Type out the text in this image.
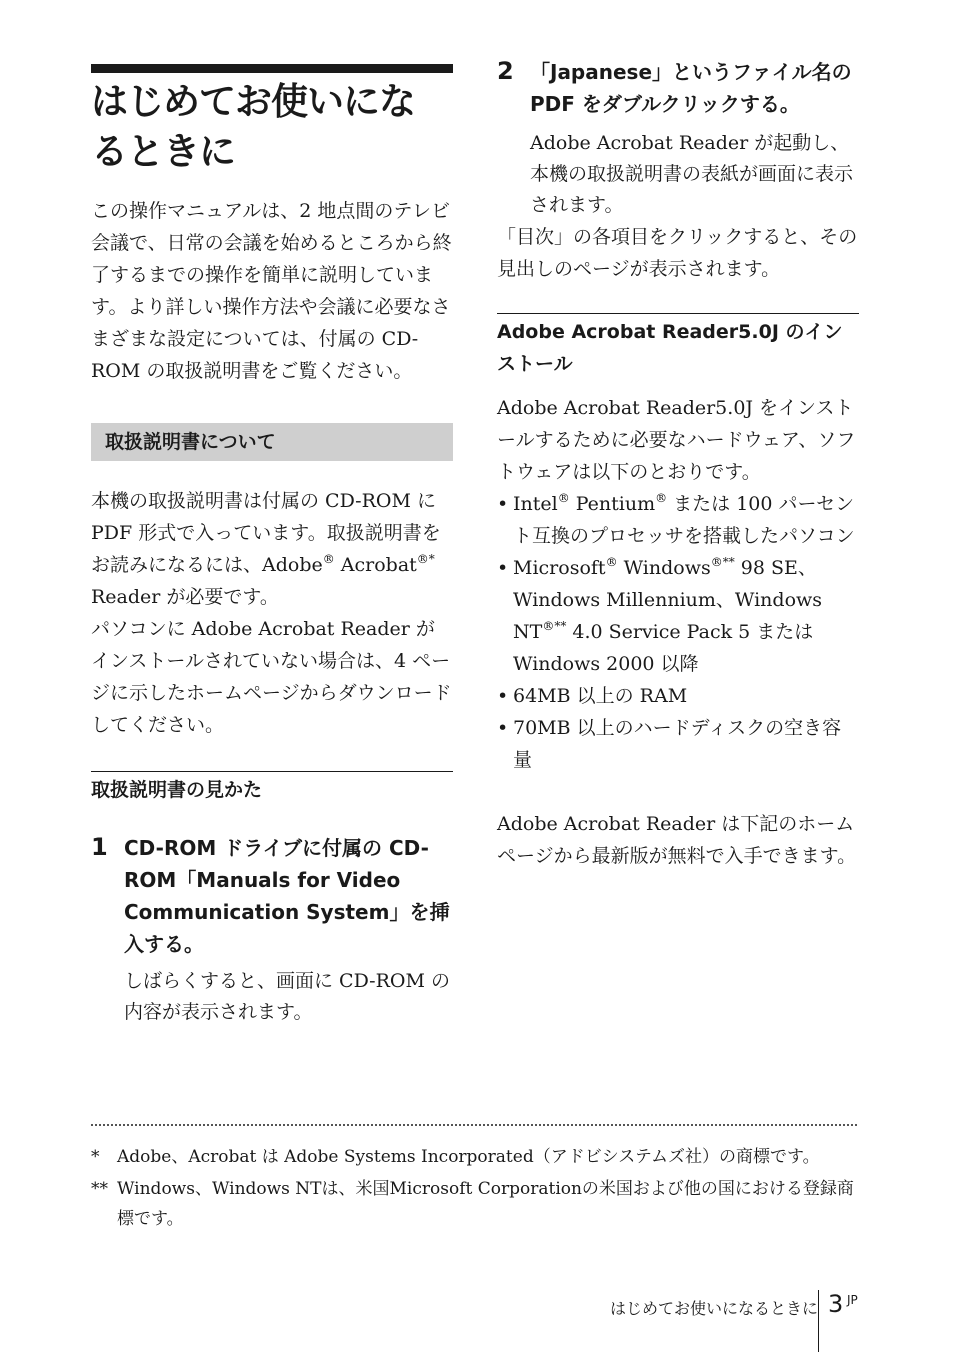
はじめてお使いにな
るときに

この操作マニュアルは、2 地点間のテレビ会議で、日常の会議を始めるところから終了するまでの操作を簡単に説明しています。より詳しい操作方法や会議に必要なさまざまな設定については、付属の CD-ROM の取扱説明書をご覧ください。

取扱説明書について

本機の取扱説明書は付属の CD-ROM に PDF 形式で入っています。取扱説明書をお読みになるには、Adobe® Acrobat®* Reader が必要です。

パソコンに Adobe Acrobat Reader がインストールされていない場合は、4 ページに示したホームページからダウンロードしてください。

取扱説明書の見かた
1 CD-ROM ドライブに付属の CD-ROM「Manuals for Video Communication System」を挿入する。
しばらくすると、画面に CD-ROM の内容が表示されます。
2 「Japanese」というファイル名の PDF をダブルクリックする。
Adobe Acrobat Reader が起動し、本機の取扱説明書の表紙が画面に表示されます。

「目次」の各項目をクリックすると、その見出しのページが表示されます。

Adobe Acrobat Reader5.0J のインストール

Adobe Acrobat Reader5.0J をインストールするために必要なハードウェア、ソフトウェアは以下のとおりです。

• Intel® Pentium® または 100 パーセント互換のプロセッサを搭載したパソコン
• Microsoft® Windows®** 98 SE、Windows Millennium、Windows NT®** 4.0 Service Pack 5 または Windows 2000 以降
• 64MB 以上の RAM
• 70MB 以上のハードディスクの空き容量

Adobe Acrobat Reader は下記のホームページから最新版が無料で入手できます。

* Adobe、Acrobat は Adobe Systems Incorporated（アドビシステムズ社）の商標です。
** Windows、Windows NTは、米国Microsoft Corporationの米国および他の国における登録商標です。
はじめてお使いになるときに 3 JP
